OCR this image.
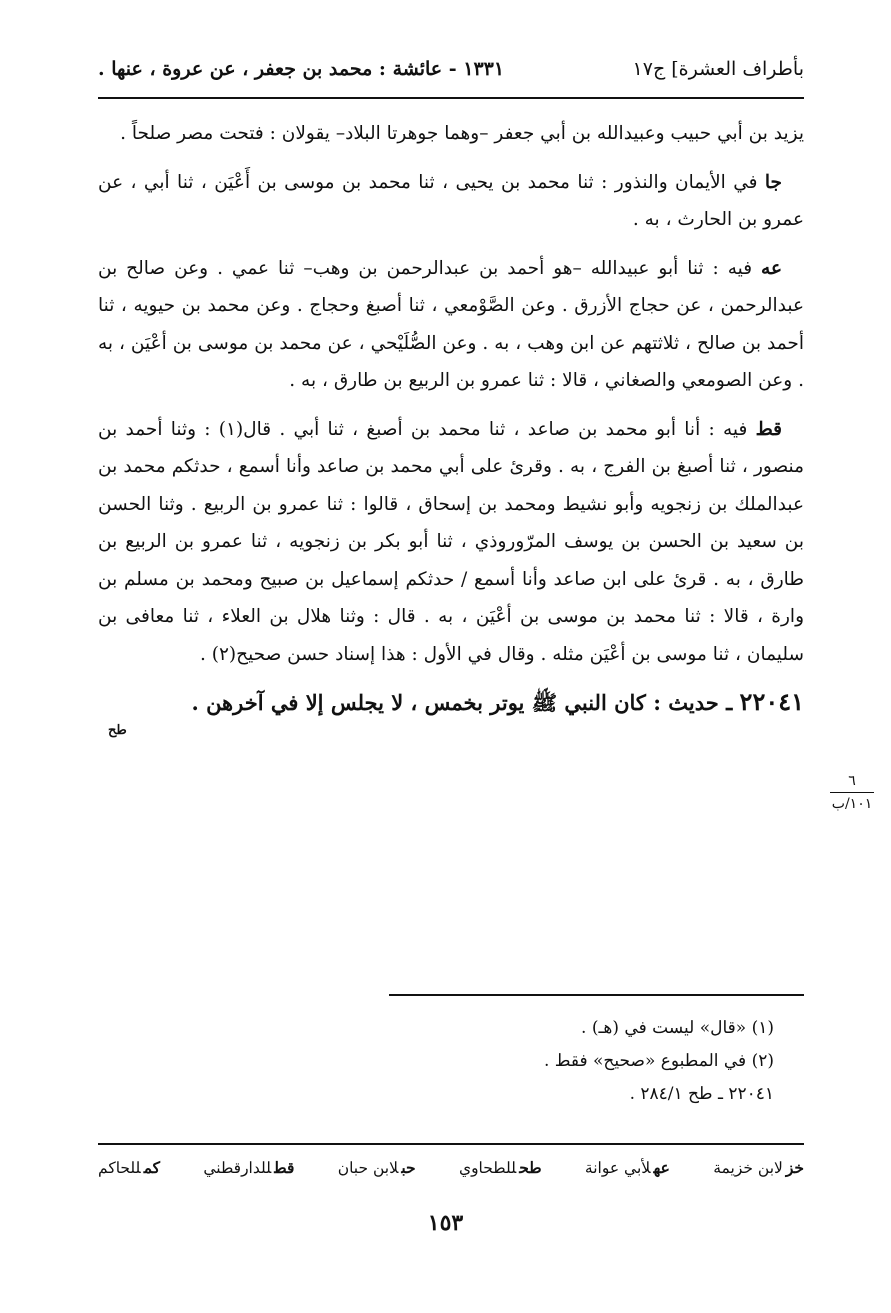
بأطراف العشرة] ج١٧
١٣٣١ - عائشة : محمد بن جعفر ، عن عروة ، عنها .

يزيد بن أبي حبيب وعبيدالله بن أبي جعفر –وهما جوهرتا البلاد– يقولان : فتحت مصر صلحاً .

جا في الأيمان والنذور : ثنا محمد بن يحيى ، ثنا محمد بن موسى بن أَعْيَن ، ثنا أبي ، عن عمرو بن الحارث ، به .

عه فيه : ثنا أبو عبيدالله –هو أحمد بن عبدالرحمن بن وهب– ثنا عمي . وعن صالح بن عبدالرحمن ، عن حجاج الأزرق . وعن الصَّوْمعي ، ثنا أصبغ وحجاج . وعن محمد بن حيويه ، ثنا أحمد بن صالح ، ثلاثتهم عن ابن وهب ، به . وعن الصُّلَيْحي ، عن محمد بن موسى بن أعْيَن ، به . وعن الصومعي والصغاني ، قالا : ثنا عمرو بن الربيع بن طارق ، به .

قط فيه : أنا أبو محمد بن صاعد ، ثنا محمد بن أصبغ ، ثنا أبي . قال(١) : وثنا أحمد بن منصور ، ثنا أصبغ بن الفرج ، به . وقرئ على أبي محمد بن صاعد وأنا أسمع ، حدثكم محمد بن عبدالملك بن زنجويه وأبو نشيط ومحمد بن إسحاق ، قالوا : ثنا عمرو بن الربيع . وثنا الحسن بن سعيد بن الحسن بن يوسف المرّوروذي ، ثنا أبو بكر بن زنجويه ، ثنا عمرو بن الربيع بن طارق ، به . قرئ على ابن صاعد وأنا أسمع / حدثكم إسماعيل بن صبيح ومحمد بن مسلم بن وارة ، قالا : ثنا محمد بن موسى بن أعْيَن ، به . قال : وثنا هلال بن العلاء ، ثنا معافى بن سليمان ، ثنا موسى بن أعْيَن مثله . وقال في الأول : هذا إسناد حسن صحيح(٢) .

٢٢٠٤١ ـ حديث : كان النبي ﷺ يوتر بخمس ، لا يجلس إلا في آخرهن .
طح
٦
١٠١/ب
(١) «قال» ليست في (هـ) .
(٢) في المطبوع «صحيح» فقط .
٢٢٠٤١ ـ طح ٢٨٤/١ .
خزلابن خزيمة
عهلأبي عوانة
طحللطحاوي
حبلابن حبان
قطللدارقطني
كمللحاكم
١٥٣
